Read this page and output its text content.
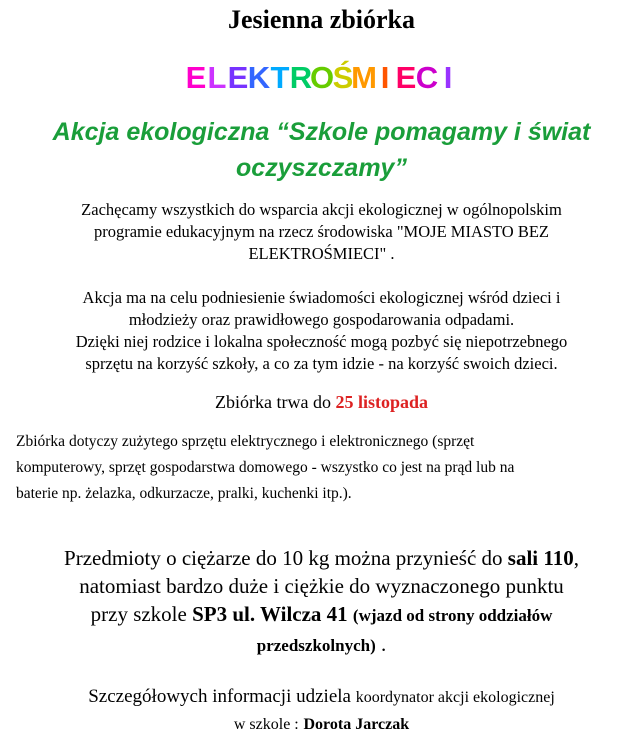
Jesienna zbiórka
E L E K T R
O
Ś
M I E C I
Akcja ekologiczna “Szkole pomagamy i świat
oczyszczamy”
Zachęcamy wszystkich do wsparcia akcji ekologicznej w ogólnopolskim
programie edukacyjnym na rzecz środowiska "MOJE MIASTO BEZ
ELEKTROŚMIECI" .
Akcja ma na celu podniesienie świadomości ekologicznej wśród dzieci i
młodzieży oraz prawidłowego gospodarowania odpadami.
Dzięki niej rodzice i lokalna społeczność mogą pozbyć się niepotrzebnego
sprzętu na korzyść szkoły, a co za tym idzie - na korzyść swoich dzieci.
Zbiórka trwa do 25 listopada
Zbiórka dotyczy zużytego sprzętu elektrycznego i elektronicznego (sprzęt
komputerowy, sprzęt gospodarstwa domowego - wszystko co jest na prąd lub na
baterie np. żelazka, odkurzacze, pralki, kuchenki itp.).
Przedmioty o ciężarze do 10 kg można przynieść do sali 110,
natomiast bardzo duże i ciężkie do wyznaczonego punktu
przy szkole SP3 ul. Wilcza 41 (wjazd od strony oddziałów
przedszkolnych) .
Szczegółowych informacji udziela koordynator akcji ekologicznej
w szkole : Dorota Jarczak
